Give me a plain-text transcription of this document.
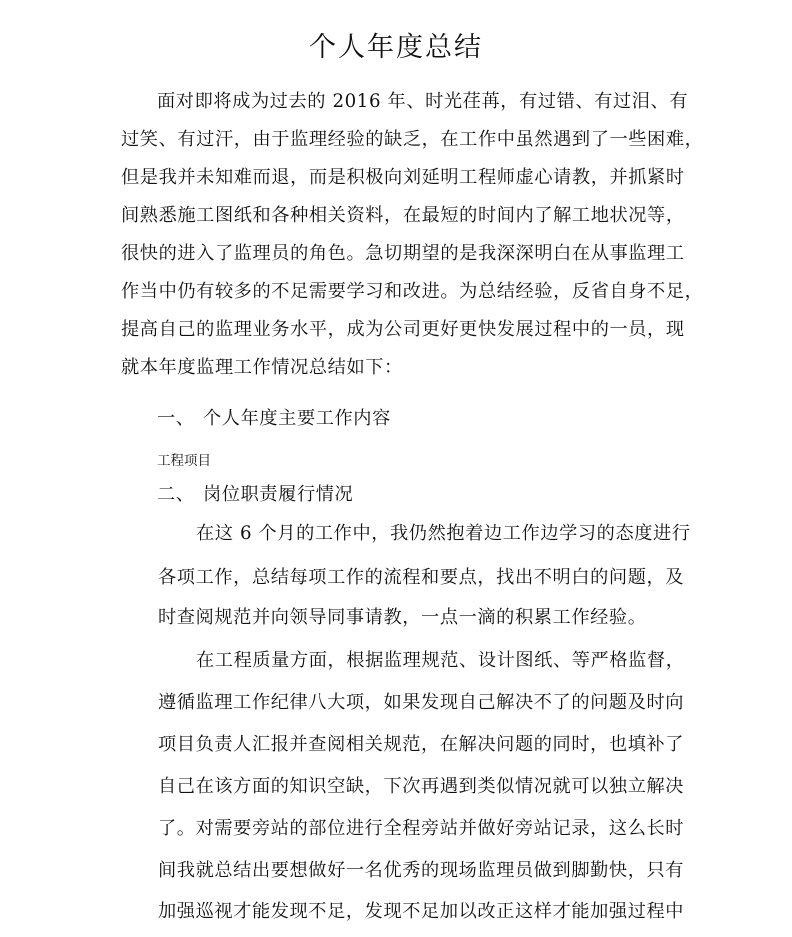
个人年度总结
面对即将成为过去的 2016 年、时光荏苒，有过错、有过泪、有
过笑、有过汗，由于监理经验的缺乏，在工作中虽然遇到了一些困难，
但是我并未知难而退，而是积极向刘延明工程师虚心请教，并抓紧时
间熟悉施工图纸和各种相关资料，在最短的时间内了解工地状况等，
很快的进入了监理员的角色。急切期望的是我深深明白在从事监理工
作当中仍有较多的不足需要学习和改进。为总结经验，反省自身不足，
提高自己的监理业务水平，成为公司更好更快发展过程中的一员，现
就本年度监理工作情况总结如下：
一、 个人年度主要工作内容
工程项目
二、 岗位职责履行情况
在这 6 个月的工作中，我仍然抱着边工作边学习的态度进行
各项工作，总结每项工作的流程和要点，找出不明白的问题，及
时查阅规范并向领导同事请教，一点一滴的积累工作经验。
在工程质量方面，根据监理规范、设计图纸、等严格监督，
遵循监理工作纪律八大项，如果发现自己解决不了的问题及时向
项目负责人汇报并查阅相关规范，在解决问题的同时，也填补了
自己在该方面的知识空缺，下次再遇到类似情况就可以独立解决
了。对需要旁站的部位进行全程旁站并做好旁站记录，这么长时
间我就总结出要想做好一名优秀的现场监理员做到脚勤快，只有
加强巡视才能发现不足，发现不足加以改正这样才能加强过程中
